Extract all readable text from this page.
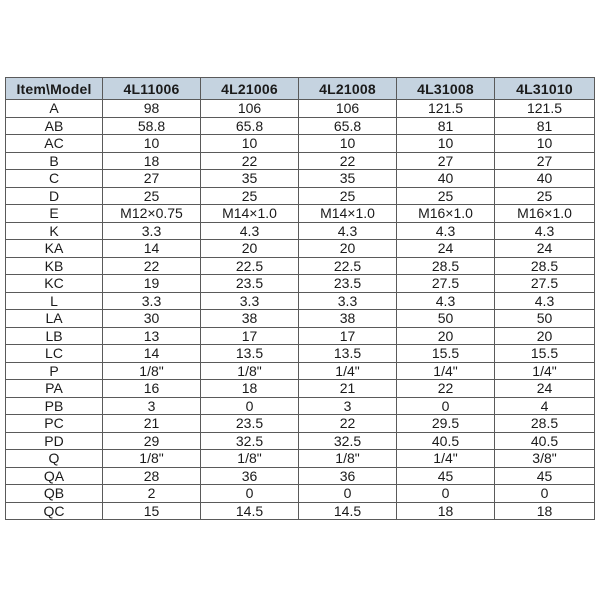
Item\Model	4L11006	4L21006	4L21008	4L31008	4L31010
A	98	106	106	121.5	121.5
AB	58.8	65.8	65.8	81	81
AC	10	10	10	10	10
B	18	22	22	27	27
C	27	35	35	40	40
D	25	25	25	25	25
E	M12×0.75	M14×1.0	M14×1.0	M16×1.0	M16×1.0
K	3.3	4.3	4.3	4.3	4.3
KA	14	20	20	24	24
KB	22	22.5	22.5	28.5	28.5
KC	19	23.5	23.5	27.5	27.5
L	3.3	3.3	3.3	4.3	4.3
LA	30	38	38	50	50
LB	13	17	17	20	20
LC	14	13.5	13.5	15.5	15.5
P	1/8"	1/8"	1/4"	1/4"	1/4"
PA	16	18	21	22	24
PB	3	0	3	0	4
PC	21	23.5	22	29.5	28.5
PD	29	32.5	32.5	40.5	40.5
Q	1/8"	1/8"	1/8"	1/4"	3/8"
QA	28	36	36	45	45
QB	2	0	0	0	0
QC	15	14.5	14.5	18	18
